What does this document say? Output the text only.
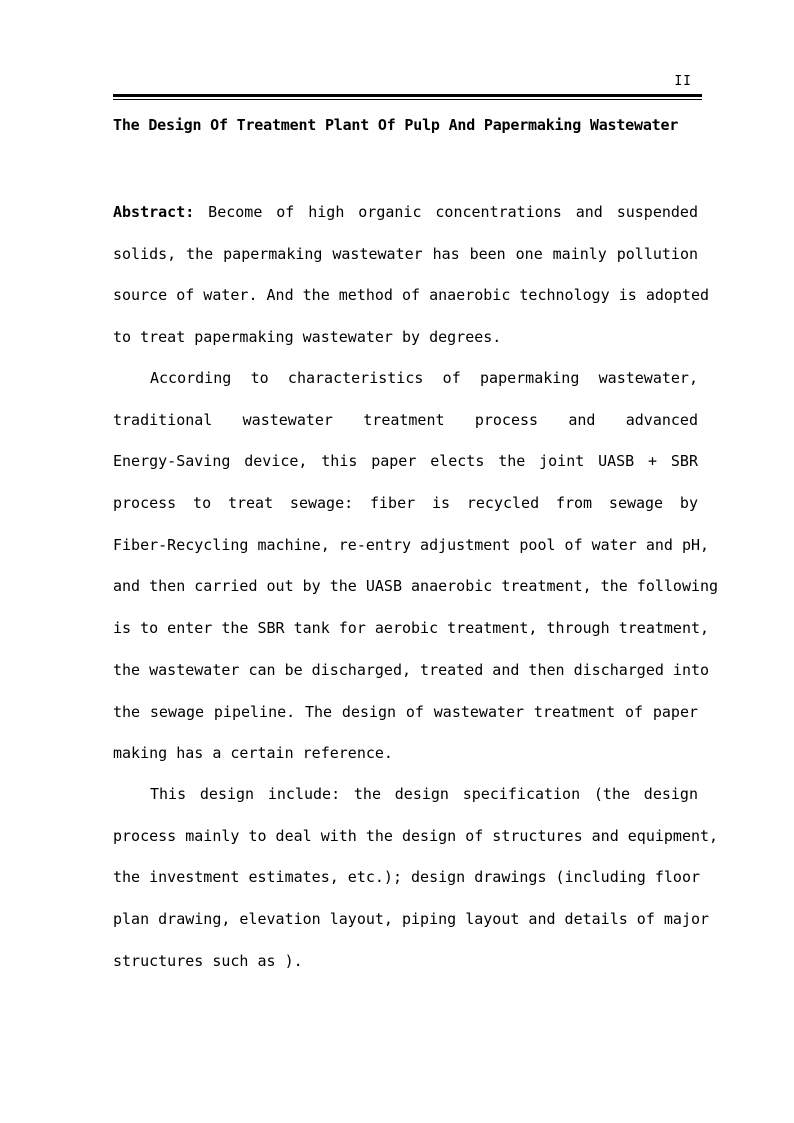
II
The Design Of Treatment Plant Of Pulp And Papermaking Wastewater
Abstract: Become of high organic concentrations and suspended
solids, the papermaking wastewater has been one mainly pollution
source of water. And the method of anaerobic technology is adopted
to treat papermaking wastewater by degrees.
According to characteristics of papermaking wastewater,
traditional wastewater treatment process and advanced
Energy-Saving device, this paper elects the joint UASB + SBR
process to treat sewage: fiber is recycled from sewage by
Fiber-Recycling machine, re-entry adjustment pool of water and pH,
and then carried out by the UASB anaerobic treatment, the following
is to enter the SBR tank for aerobic treatment, through treatment,
the wastewater can be discharged, treated and then discharged into
the sewage pipeline. The design of wastewater treatment of paper
making has a certain reference.
This design include: the design specification (the design
process mainly to deal with the design of structures and equipment,
the investment estimates, etc.); design drawings (including floor
plan drawing, elevation layout, piping layout and details of major
structures such as ).
